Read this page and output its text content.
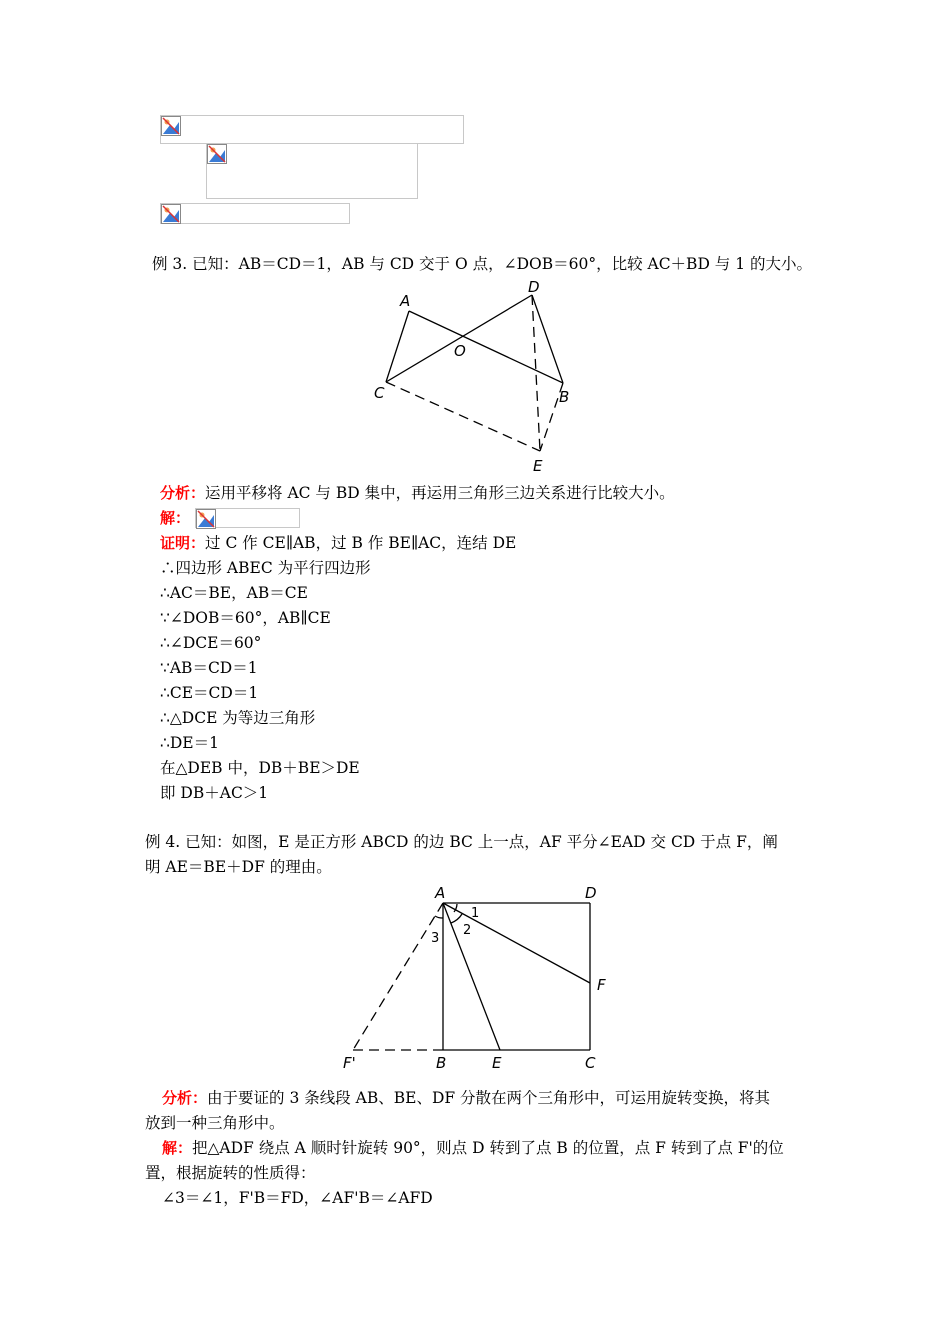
例 3. 已知：AB＝CD＝1，AB 与 CD 交于 O 点，∠DOB＝60°，比较 AC＋BD 与 1 的大小。
A
D
O
C	B
E
分析：运用平移将 AC 与 BD 集中，再运用三角形三边关系进行比较大小。
解：
证明：过 C 作 CE∥AB，过 B 作 BE∥AC，连结 DE
∴四边形 ABEC 为平行四边形
∴AC＝BE，AB＝CE
∵∠DOB＝60°，AB∥CE
∴∠DCE＝60°
∵AB＝CD＝1
∴CE＝CD＝1
∴△DCE 为等边三角形
∴DE＝1
在△DEB 中，DB＋BE＞DE
即 DB＋AC＞1
例 4. 已知：如图，E 是正方形 ABCD 的边 BC 上一点，AF 平分∠EAD 交 CD 于点 F，阐
明 AE＝BE＋DF 的理由。
A	D
1
2
3
F
F'	B	E	C
分析：由于要证的 3 条线段 AB、BE、DF 分散在两个三角形中，可运用旋转变换，将其
放到一种三角形中。
解：把△ADF 绕点 A 顺时针旋转 90°，则点 D 转到了点 B 的位置，点 F 转到了点 F'的位
置，根据旋转的性质得：
∠3＝∠1，F'B＝FD，∠AF'B＝∠AFD
